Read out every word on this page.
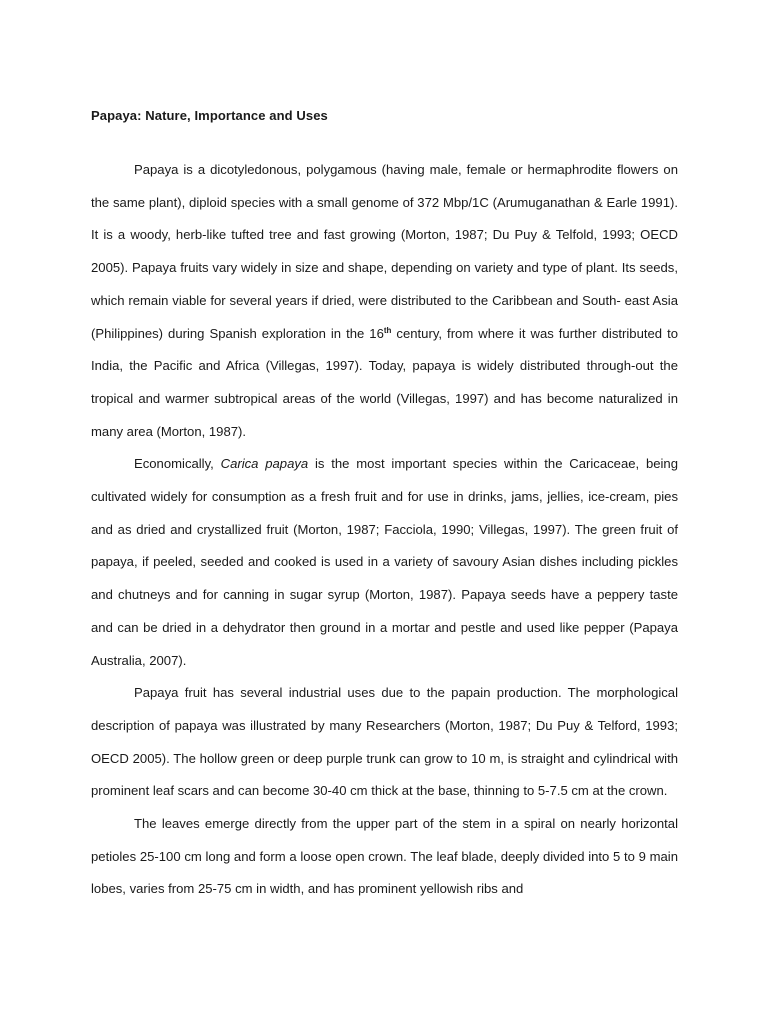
Papaya: Nature, Importance and Uses

Papaya is a dicotyledonous, polygamous (having male, female or hermaphrodite flowers on the same plant), diploid species with a small genome of 372 Mbp/1C (Arumuganathan & Earle 1991). It is a woody, herb-like tufted tree and fast growing (Morton, 1987; Du Puy & Telfold, 1993; OECD 2005). Papaya fruits vary widely in size and shape, depending on variety and type of plant. Its seeds, which remain viable for several years if dried, were distributed to the Caribbean and South- east Asia (Philippines) during Spanish exploration in the 16th century, from where it was further distributed to India, the Pacific and Africa (Villegas, 1997). Today, papaya is widely distributed through-out the tropical and warmer subtropical areas of the world (Villegas, 1997) and has become naturalized in many area (Morton, 1987).

Economically, Carica papaya is the most important species within the Caricaceae, being cultivated widely for consumption as a fresh fruit and for use in drinks, jams, jellies, ice-cream, pies and as dried and crystallized fruit (Morton, 1987; Facciola, 1990; Villegas, 1997). The green fruit of papaya, if peeled, seeded and cooked is used in a variety of savoury Asian dishes including pickles and chutneys and for canning in sugar syrup (Morton, 1987). Papaya seeds have a peppery taste and can be dried in a dehydrator then ground in a mortar and pestle and used like pepper (Papaya Australia, 2007).

Papaya fruit has several industrial uses due to the papain production. The morphological description of papaya was illustrated by many Researchers (Morton, 1987; Du Puy & Telford, 1993; OECD 2005). The hollow green or deep purple trunk can grow to 10 m, is straight and cylindrical with prominent leaf scars and can become 30-40 cm thick at the base, thinning to 5-7.5 cm at the crown.

The leaves emerge directly from the upper part of the stem in a spiral on nearly horizontal petioles 25-100 cm long and form a loose open crown. The leaf blade, deeply divided into 5 to 9 main lobes, varies from 25-75 cm in width, and has prominent yellowish ribs and
